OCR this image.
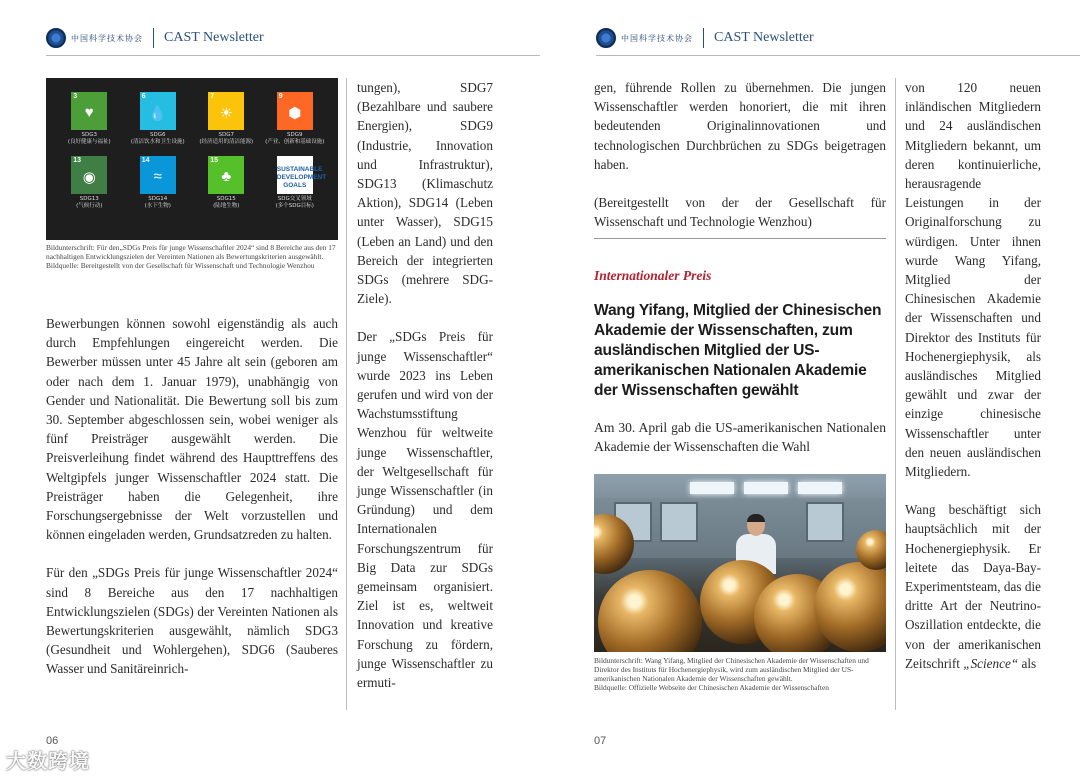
中国科学技术协会 CAST Newsletter
3
♥
SDG3
(良好健康与福祉)
6
💧
SDG6
(清洁饮水和卫生设施)
7
☀
SDG7
(经济适用的清洁能源)
9
⬢
SDG9
(产业、创新和基础设施)
13
◉
SDG13
(气候行动)
14
≈
SDG14
(水下生物)
15
♣
SDG15
(陆地生物)
SUSTAINABLE DEVELOPMENT GOALS
SDG交叉领域
(多个SDG目标)
Bildunterschrift: Für den„SDGs Preis für junge Wissenschaftler 2024“ sind 8 Bereiche aus den 17 nachhaltigen Entwicklungszielen der Vereinten Nationen als Bewertungskriterien ausgewählt.
Bildquelle: Bereitgestellt von der Gesellschaft für Wissenschaft und Technologie Wenzhou

Bewerbungen können sowohl eigenständig als auch durch Empfehlungen eingereicht werden. Die Bewerber müssen unter 45 Jahre alt sein (geboren am oder nach dem 1. Januar 1979), unabhängig von Gender und Nationalität. Die Bewertung soll bis zum 30. September abgeschlossen sein, wobei weniger als fünf Preisträger ausgewählt werden. Die Preisverleihung findet während des Haupttreffens des Weltgipfels junger Wissenschaftler 2024 statt. Die Preisträger haben die Gelegenheit, ihre Forschungsergebnisse der Welt vorzustellen und können eingeladen werden, Grundsatzreden zu halten.

Für den „SDGs Preis für junge Wissenschaftler 2024“ sind 8 Bereiche aus den 17 nachhaltigen Entwicklungszielen (SDGs) der Vereinten Nationen als Bewertungskriterien ausgewählt, nämlich SDG3 (Gesundheit und Wohlergehen), SDG6 (Sauberes Wasser und Sanitäreinrich-

tungen), SDG7 (Bezahlbare und saubere Energien), SDG9 (Industrie, Innovation und Infrastruktur), SDG13 (Klimaschutz Aktion), SDG14 (Leben unter Wasser), SDG15 (Leben an Land) und den Bereich der integrierten SDGs (mehrere SDG-Ziele).

Der „SDGs Preis für junge Wissenschaftler“ wurde 2023 ins Leben gerufen und wird von der Wachstumsstiftung Wenzhou für weltweite junge Wissenschaftler, der Weltgesellschaft für junge Wissenschaftler (in Gründung) und dem Internationalen Forschungszentrum für Big Data zur SDGs gemeinsam organisiert. Ziel ist es, weltweit Innovation und kreative Forschung zu fördern, junge Wissenschaftler zu ermuti-

06
中国科学技术协会 CAST Newsletter

gen, führende Rollen zu übernehmen. Die jungen Wissenschaftler werden honoriert, die mit ihren bedeutenden Originalinnovationen und technologischen Durchbrüchen zu SDGs beigetragen haben.

(Bereitgestellt von der der Gesellschaft für Wissenschaft und Technologie Wenzhou)

Internationaler Preis
Wang Yifang, Mitglied der Chinesischen Akademie der Wissenschaften, zum ausländischen Mitglied der US-amerikanischen Nationalen Akademie der Wissenschaften gewählt

Am 30. April gab die US-amerikanischen Nationalen Akademie der Wissenschaften die Wahl

Bildunterschrift: Wang Yifang, Mitglied der Chinesischen Akademie der Wissenschaften und Direktor des Instituts für Hochenergiephysik, wird zum ausländischen Mitglied der US-amerikanischen Nationalen Akademie der Wissenschaften gewählt.
Bildquelle: Offizielle Webseite der Chinesischen Akademie der Wissenschaften

von 120 neuen inländischen Mitgliedern und 24 ausländischen Mitgliedern bekannt, um deren kontinuierliche, herausragende Leistungen in der Originalforschung zu würdigen. Unter ihnen wurde Wang Yifang, Mitglied der Chinesischen Akademie der Wissenschaften und Direktor des Instituts für Hochenergiephysik, als ausländisches Mitglied gewählt und zwar der einzige chinesische Wissenschaftler unter den neuen ausländischen Mitgliedern.

Wang beschäftigt sich hauptsächlich mit der Hochenergiephysik. Er leitete das Daya-Bay-Experimentsteam, das die dritte Art der Neutrino-Oszillation entdeckte, die von der amerikanischen Zeitschrift „Science“ als

07
大数跨境
